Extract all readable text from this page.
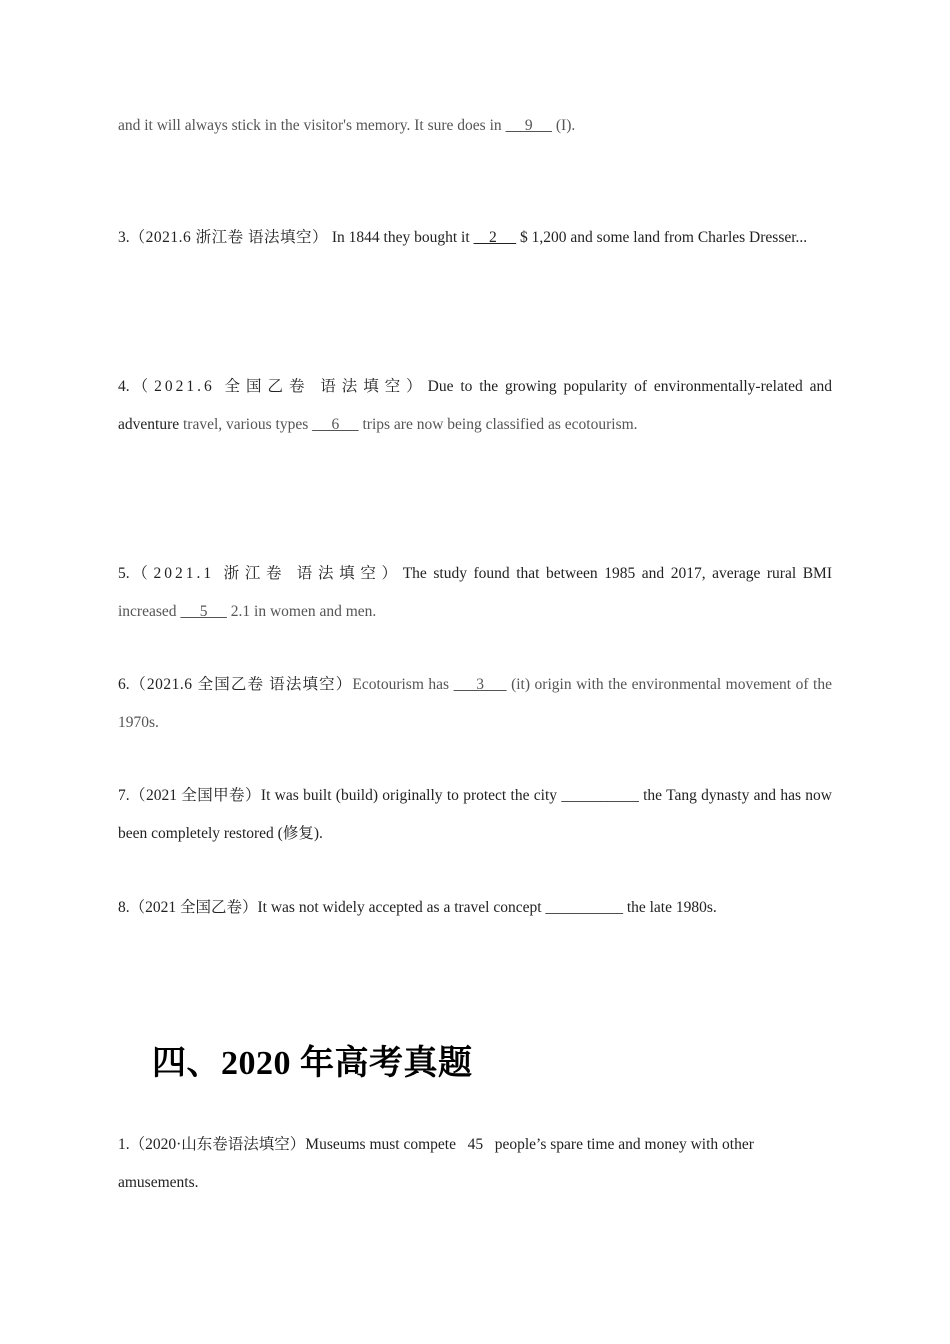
and it will always stick in the visitor's memory. It sure does in      9      (I).
3.（2021.6 浙江卷 语法填空） In 1844 they bought it     2      $ 1,200 and some land from Charles Dresser...
4.（2021.6 全国乙卷 语法填空）Due to the growing popularity of environmentally-related and adventure travel, various types      6      trips are now being classified as ecotourism.
5.（2021.1 浙江卷 语法填空）The study found that between 1985 and 2017, average rural BMI increased      5      2.1 in women and men.
6.（2021.6 全国乙卷 语法填空）Ecotourism has      3      (it) origin with the environmental movement of the 1970s.
7.（2021 全国甲卷）It was built (build) originally to protect the city __________ the Tang dynasty and has now been completely restored (修复).
8.（2021 全国乙卷）It was not widely accepted as a travel concept __________ the late 1980s.
四、2020 年高考真题
1.（2020·山东卷语法填空）Museums must compete   45   people’s spare time and money with other amusements.
